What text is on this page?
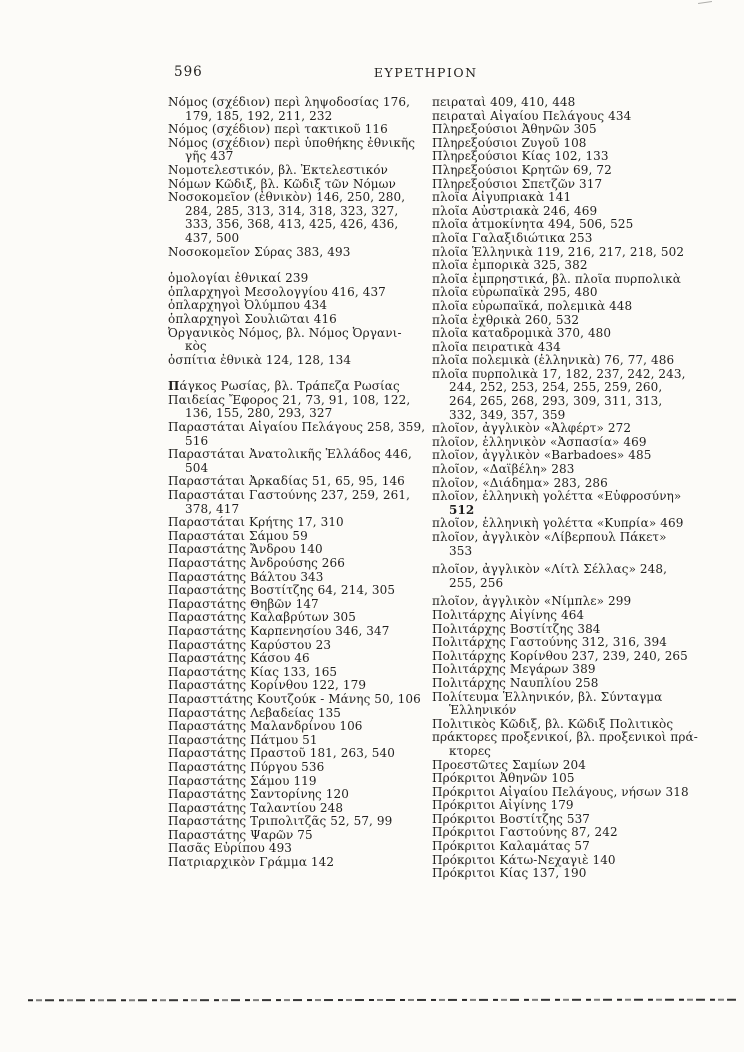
596	ΕΥΡΕΤΗΡΙΟΝ
Νόμος (σχέδιον) περὶ ληψοδοσίας 176,
179, 185, 192, 211, 232
Νόμος (σχέδιον) περὶ τακτικοῦ 116
Νόμος (σχέδιον) περὶ ὑποθήκης ἐθνικῆς
γῆς 437
Νομοτελεστικόν, βλ. Ἐκτελεστικόν
Νόμων Κῶδιξ, βλ. Κῶδιξ τῶν Νόμων
Νοσοκομεῖον (ἐθνικὸν) 146, 250, 280,
284, 285, 313, 314, 318, 323, 327,
333, 356, 368, 413, 425, 426, 436,
437, 500
Νοσοκομεῖον Σύρας 383, 493
ὁμολογίαι ἐθνικαί 239
ὁπλαρχηγοὶ Μεσολογγίου 416, 437
ὁπλαρχηγοὶ Ὀλύμπου 434
ὁπλαρχηγοὶ Σουλιῶται 416
Ὀργανικὸς Νόμος, βλ. Νόμος Ὀργανι-
κὸς
ὁσπίτια ἐθνικὰ 124, 128, 134
Πάγκος Ρωσίας, βλ. Τράπεζα Ρωσίας
Παιδείας Ἔφορος 21, 73, 91, 108, 122,
136, 155, 280, 293, 327
Παραστάται Αἰγαίου Πελάγους 258, 359,
516
Παραστάται Ἀνατολικῆς Ἑλλάδος 446,
504
Παραστάται Ἀρκαδίας 51, 65, 95, 146
Παραστάται Γαστούνης 237, 259, 261,
378, 417
Παραστάται Κρήτης 17, 310
Παραστάται Σάμου 59
Παραστάτης Ἄνδρου 140
Παραστάτης Ἀνδρούσης 266
Παραστάτης Βάλτου 343
Παραστάτης Βοστίτζης 64, 214, 305
Παραστάτης Θηβῶν 147
Παραστάτης Καλαβρύτων 305
Παραστάτης Καρπενησίου 346, 347
Παραστάτης Καρύστου 23
Παραστάτης Κάσου 46
Παραστάτης Κίας 133, 165
Παραστάτης Κορίνθου 122, 179
Παρασττάτης Κουτζούκ - Μάνης 50, 106
Παραστάτης Λεβαδείας 135
Παραστάτης Μαλανδρίνου 106
Παραστάτης Πάτμου 51
Παραστάτης Πραστοῦ 181, 263, 540
Παραστάτης Πύργου 536
Παραστάτης Σάμου 119
Παραστάτης Σαντορίνης 120
Παραστάτης Ταλαντίου 248
Παραστάτης Τριπολιτζᾶς 52, 57, 99
Παραστάτης Ψαρῶν 75
Πασᾶς Εὐρίπου 493
Πατριαρχικὸν Γράμμα 142
πειραταὶ 409, 410, 448
πειραταὶ Αἰγαίου Πελάγους 434
Πληρεξούσιοι Ἀθηνῶν 305
Πληρεξούσιοι Ζυγοῦ 108
Πληρεξούσιοι Κίας 102, 133
Πληρεξούσιοι Κρητῶν 69, 72
Πληρεξούσιοι Σπετζῶν 317
πλοῖα Αἰγυπριακὰ 141
πλοῖα Αὐστριακὰ 246, 469
πλοῖα ἀτμοκίνητα 494, 506, 525
πλοῖα Γαλαξιδιώτικα 253
πλοῖα Ἑλληνικὰ 119, 216, 217, 218, 502
πλοῖα ἐμπορικὰ 325, 382
πλοῖα ἐμπρηστικά, βλ. πλοῖα πυρπολικὰ
πλοῖα εὐρωπαϊκὰ 295, 480
πλοῖα εὐρωπαϊκά, πολεμικὰ 448
πλοῖα ἐχθρικὰ 260, 532
πλοῖα καταδρομικὰ 370, 480
πλοῖα πειρατικὰ 434
πλοῖα πολεμικὰ (ἑλληνικὰ) 76, 77, 486
πλοῖα πυρπολικὰ 17, 182, 237, 242, 243,
244, 252, 253, 254, 255, 259, 260,
264, 265, 268, 293, 309, 311, 313,
332, 349, 357, 359
πλοῖον, ἀγγλικὸν «Ἀλφέρτ» 272
πλοῖον, ἑλληνικὸν «Ἀσπασία» 469
πλοῖον, ἀγγλικὸν «Barbadoes» 485
πλοῖον, «Δαϊβέλη» 283
πλοῖον, «Διάδημα» 283, 286
πλοῖον, ἑλληνικὴ γολέττα «Εὐφροσύνη»
512
πλοῖον, ἑλληνικὴ γολέττα «Κυπρία» 469
πλοῖον, ἀγγλικὸν «Λίβερπουλ Πάκετ»
353
πλοῖον, ἀγγλικὸν «Λίτλ Σέλλας» 248,
255, 256
πλοῖον, ἀγγλικὸν «Νίμπλε» 299
Πολιτάρχης Αἰγίνης 464
Πολιτάρχης Βοστίτζης 384
Πολιτάρχης Γαστούνης 312, 316, 394
Πολιτάρχης Κορίνθου 237, 239, 240, 265
Πολιτάρχης Μεγάρων 389
Πολιτάρχης Ναυπλίου 258
Πολίτευμα Ἑλληνικόν, βλ. Σύνταγμα
Ἑλληνικόν
Πολιτικὸς Κῶδιξ, βλ. Κῶδιξ Πολιτικὸς
πράκτορες προξενικοί, βλ. προξενικοὶ πρά-
κτορες
Προεστῶτες Σαμίων 204
Πρόκριτοι Ἀθηνῶν 105
Πρόκριτοι Αἰγαίου Πελάγους, νήσων 318
Πρόκριτοι Αἰγίνης 179
Πρόκριτοι Βοστίτζης 537
Πρόκριτοι Γαστούνης 87, 242
Πρόκριτοι Καλαμάτας 57
Πρόκριτοι Κάτω-Νεχαγιὲ 140
Πρόκριτοι Κίας 137, 190
